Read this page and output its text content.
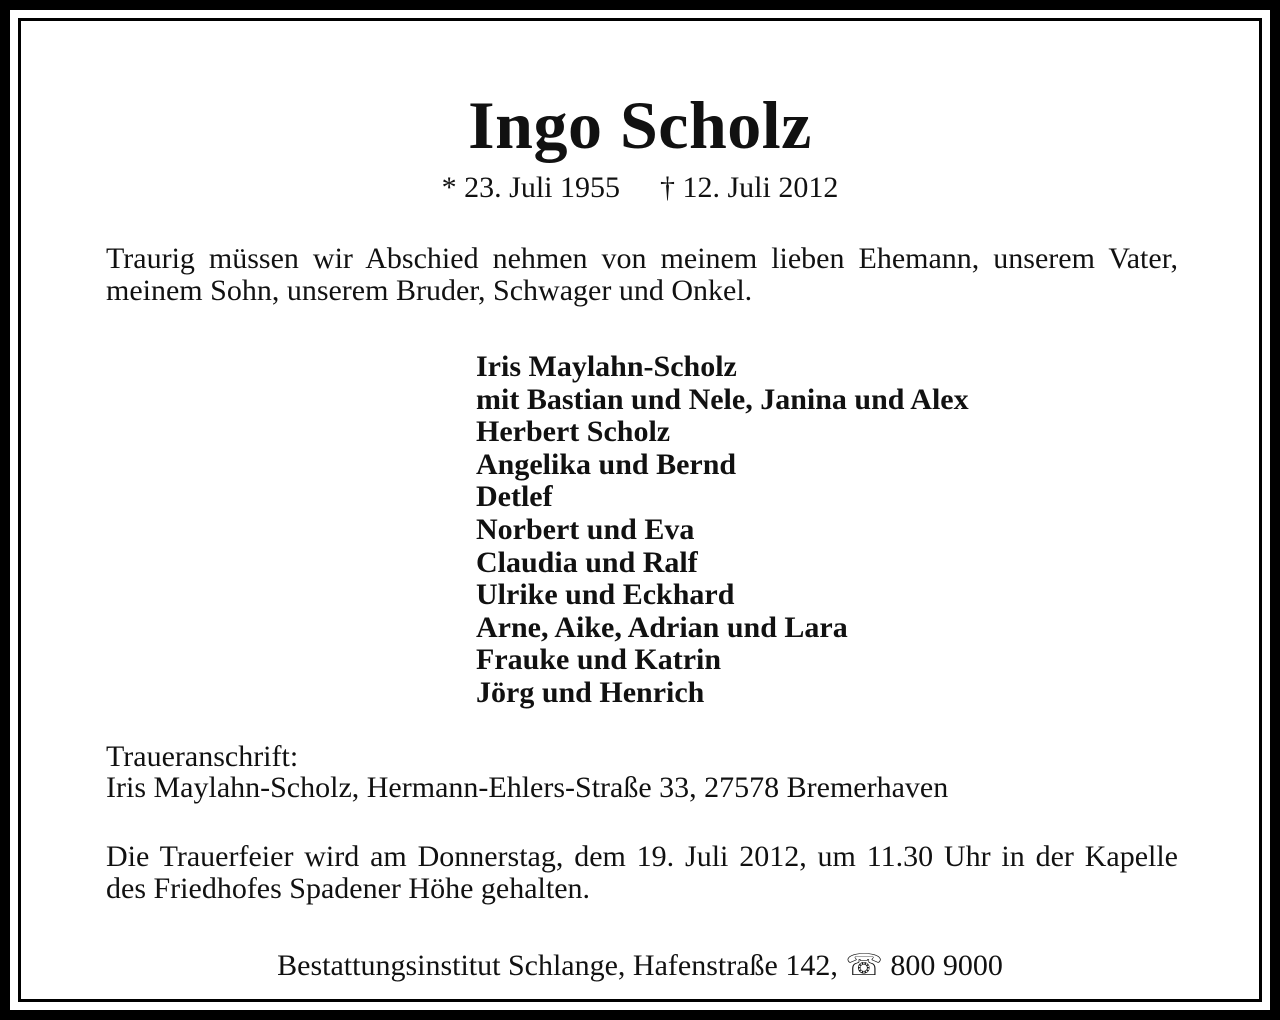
Ingo Scholz
* 23. Juli 1955 † 12. Juli 2012
Traurig müssen wir Abschied nehmen von meinem lieben Ehemann, unserem Vater, meinem Sohn, unserem Bruder, Schwager und Onkel.
Iris Maylahn-Scholz
mit Bastian und Nele, Janina und Alex
Herbert Scholz
Angelika und Bernd
Detlef
Norbert und Eva
Claudia und Ralf
Ulrike und Eckhard
Arne, Aike, Adrian und Lara
Frauke und Katrin
Jörg und Henrich
Traueranschrift:
Iris Maylahn-Scholz, Hermann-Ehlers-Straße 33, 27578 Bremerhaven
Die Trauerfeier wird am Donnerstag, dem 19. Juli 2012, um 11.30 Uhr in der Kapelle des Friedhofes Spadener Höhe gehalten.
Bestattungsinstitut Schlange, Hafenstraße 142, ☏ 800 9000
